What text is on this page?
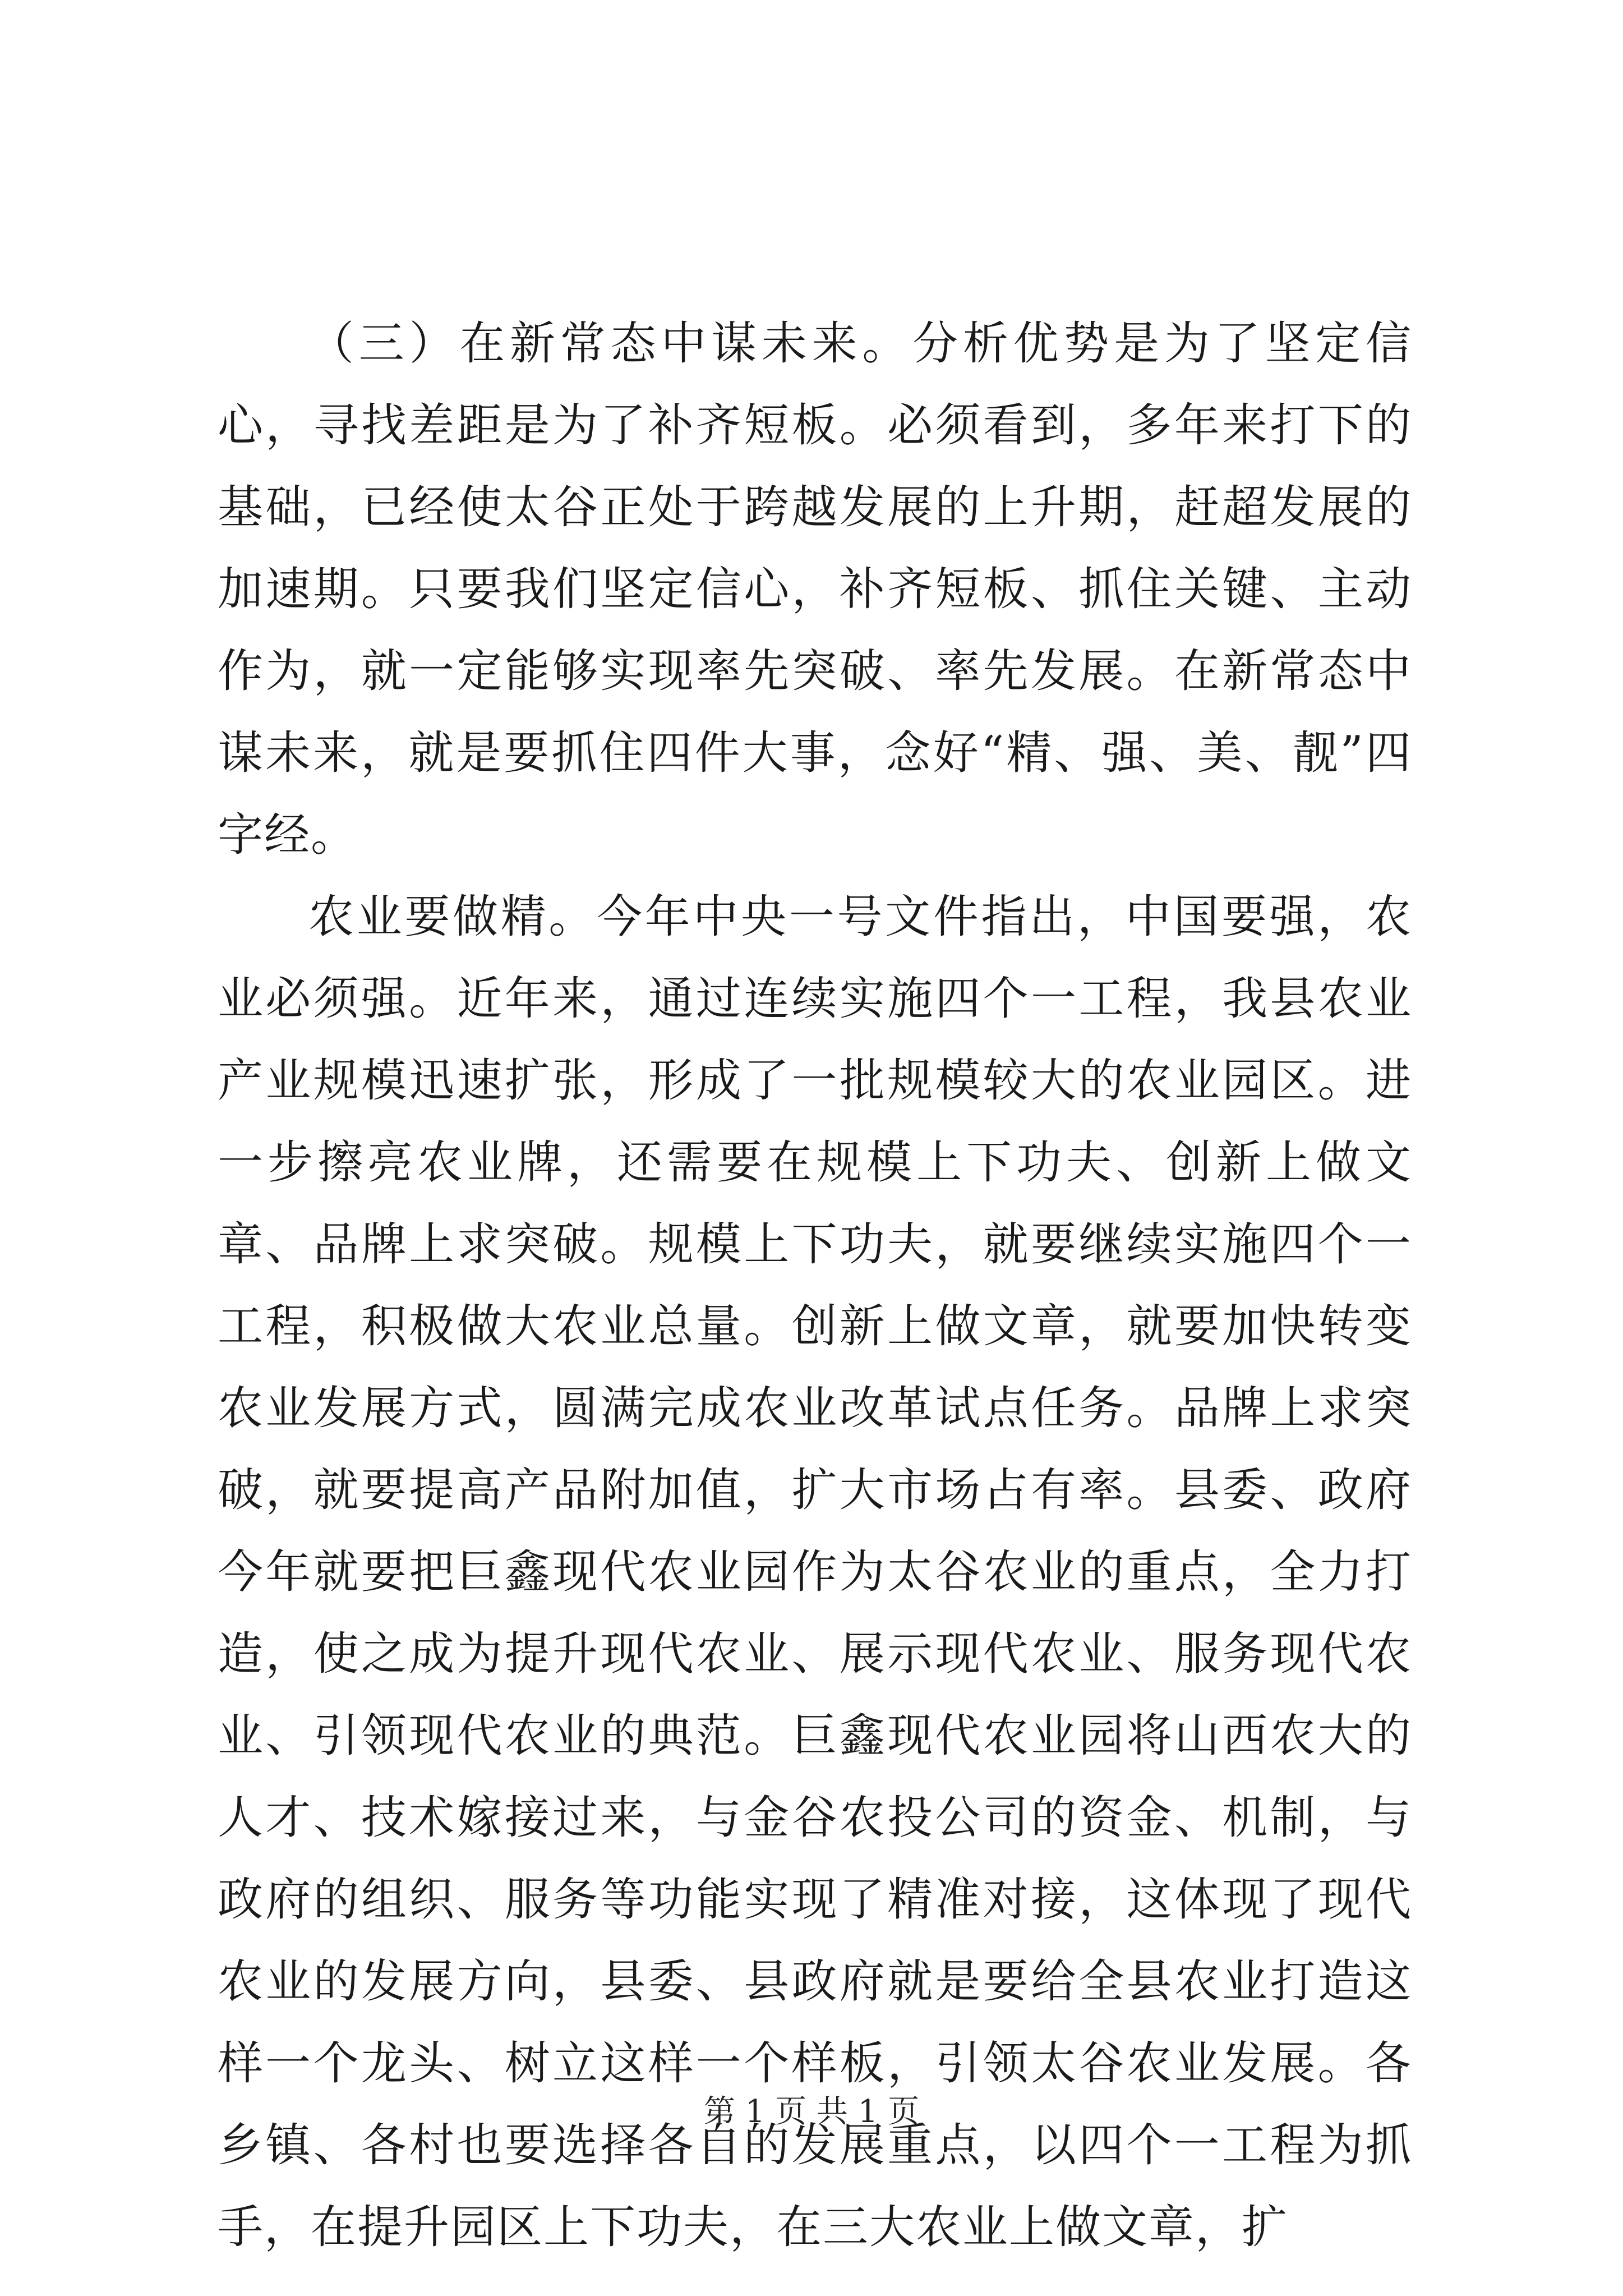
（三）在新常态中谋未来。分析优势是为了坚定信心，寻找差距是为了补齐短板。必须看到，多年来打下的基础，已经使太谷正处于跨越发展的上升期，赶超发展的加速期。只要我们坚定信心，补齐短板、抓住关键、主动作为，就一定能够实现率先突破、率先发展。在新常态中谋未来，就是要抓住四件大事，念好“精、强、美、靓”四字经。

农业要做精。今年中央一号文件指出，中国要强，农业必须强。近年来，通过连续实施四个一工程，我县农业产业规模迅速扩张，形成了一批规模较大的农业园区。进一步擦亮农业牌，还需要在规模上下功夫、创新上做文章、品牌上求突破。规模上下功夫，就要继续实施四个一工程，积极做大农业总量。创新上做文章，就要加快转变农业发展方式，圆满完成农业改革试点任务。品牌上求突破，就要提高产品附加值，扩大市场占有率。县委、政府今年就要把巨鑫现代农业园作为太谷农业的重点，全力打造，使之成为提升现代农业、展示现代农业、服务现代农业、引领现代农业的典范。巨鑫现代农业园将山西农大的人才、技术嫁接过来，与金谷农投公司的资金、机制，与政府的组织、服务等功能实现了精准对接，这体现了现代农业的发展方向，县委、县政府就是要给全县农业打造这样一个龙头、树立这样一个样板，引领太谷农业发展。各乡镇、各村也要选择各自的发展重点，以四个一工程为抓手，在提升园区上下功夫，在三大农业上做文章，扩

第 1 页 共 1 页
